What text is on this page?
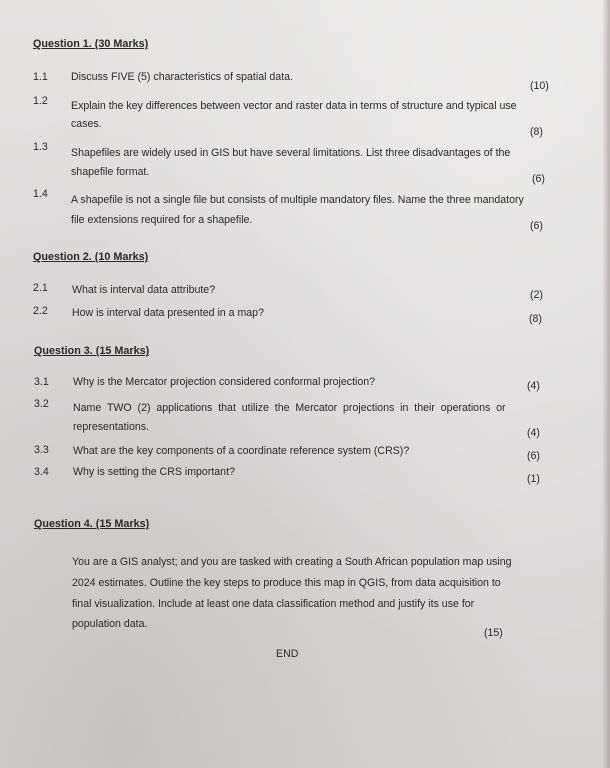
Question 1. (30 Marks)
1.1 Discuss FIVE (5) characteristics of spatial data.
(10)
1.2 Explain the key differences between vector and raster data in terms of structure and typical use
cases.
(8)
1.3 Shapefiles are widely used in GIS but have several limitations. List three disadvantages of the
shapefile format.
(6)
1.4 A shapefile is not a single file but consists of multiple mandatory files. Name the three mandatory
file extensions required for a shapefile.	(6)
Question 2. (10 Marks)
2.1 What is interval data attribute?	(2)
2.2 How is interval data presented in a map?	(8)
Question 3. (15 Marks)
3.1 Why is the Mercator projection considered conformal projection?	(4)
3.2 Name  TWO  (2)  applications  that  utilize  the  Mercator  projections  in  their  operations  or
representations.	(4)
3.3 What are the key components of a coordinate reference system (CRS)?	(6)
3.4 Why is setting the CRS important?
(1)
Question 4. (15 Marks)
You are a GIS analyst; and you are tasked with creating a South African population map using
2024 estimates. Outline the key steps to produce this map in QGIS, from data acquisition to
final visualization. Include at least one data classification method and justify its use for
population data.
(15)
END
